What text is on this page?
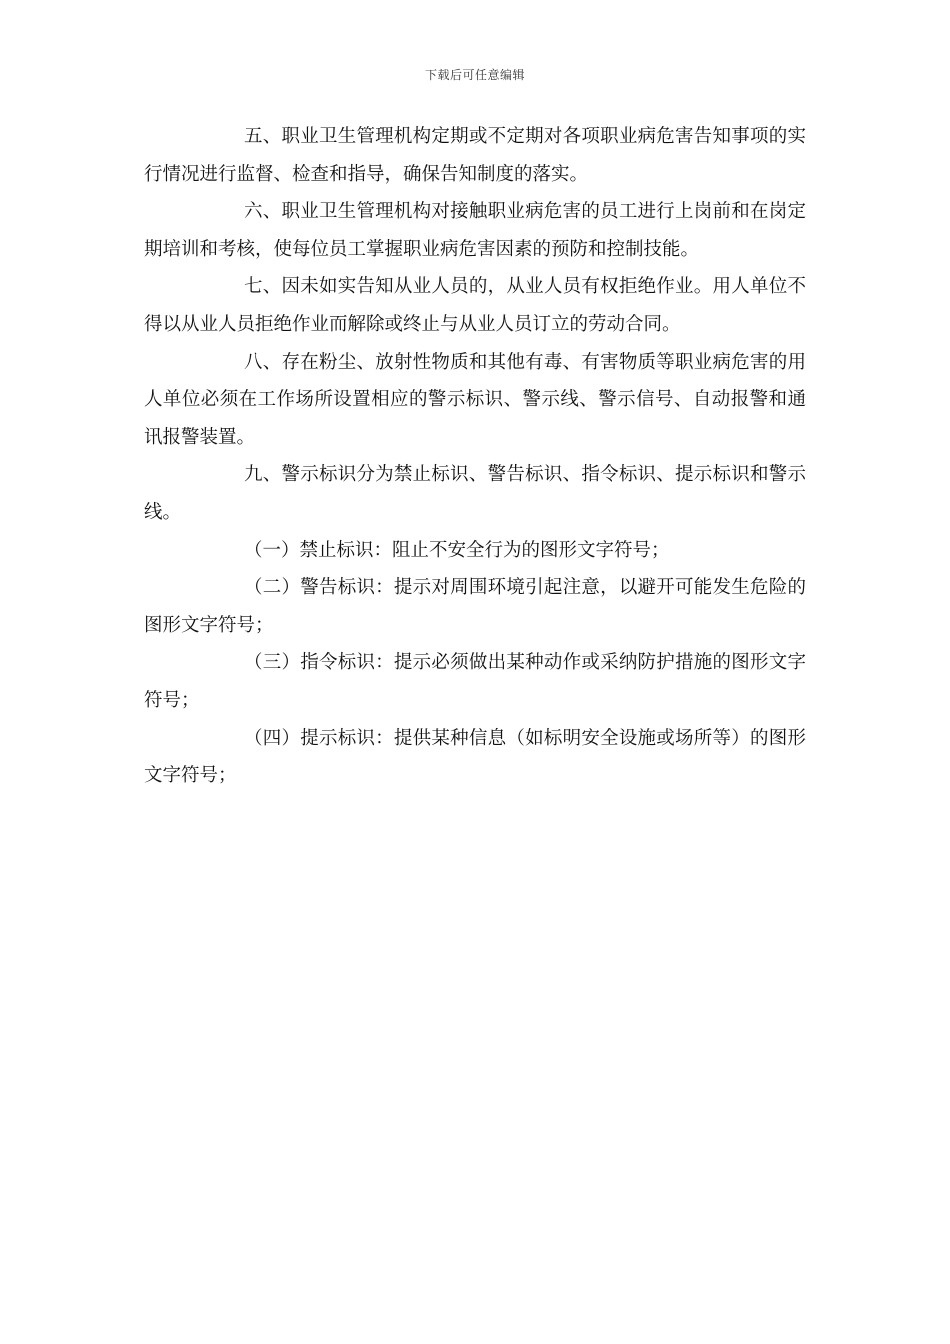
下载后可任意编辑

五、职业卫生管理机构定期或不定期对各项职业病危害告知事项的实行情况进行监督、检查和指导，确保告知制度的落实。

六、职业卫生管理机构对接触职业病危害的员工进行上岗前和在岗定期培训和考核，使每位员工掌握职业病危害因素的预防和控制技能。

七、因未如实告知从业人员的，从业人员有权拒绝作业。用人单位不得以从业人员拒绝作业而解除或终止与从业人员订立的劳动合同。

八、存在粉尘、放射性物质和其他有毒、有害物质等职业病危害的用人单位必须在工作场所设置相应的警示标识、警示线、警示信号、自动报警和通讯报警装置。

九、警示标识分为禁止标识、警告标识、指令标识、提示标识和警示线。

（一）禁止标识：阻止不安全行为的图形文字符号；

（二）警告标识：提示对周围环境引起注意，以避开可能发生危险的图形文字符号；

（三）指令标识：提示必须做出某种动作或采纳防护措施的图形文字符号；

（四）提示标识：提供某种信息（如标明安全设施或场所等）的图形文字符号；
